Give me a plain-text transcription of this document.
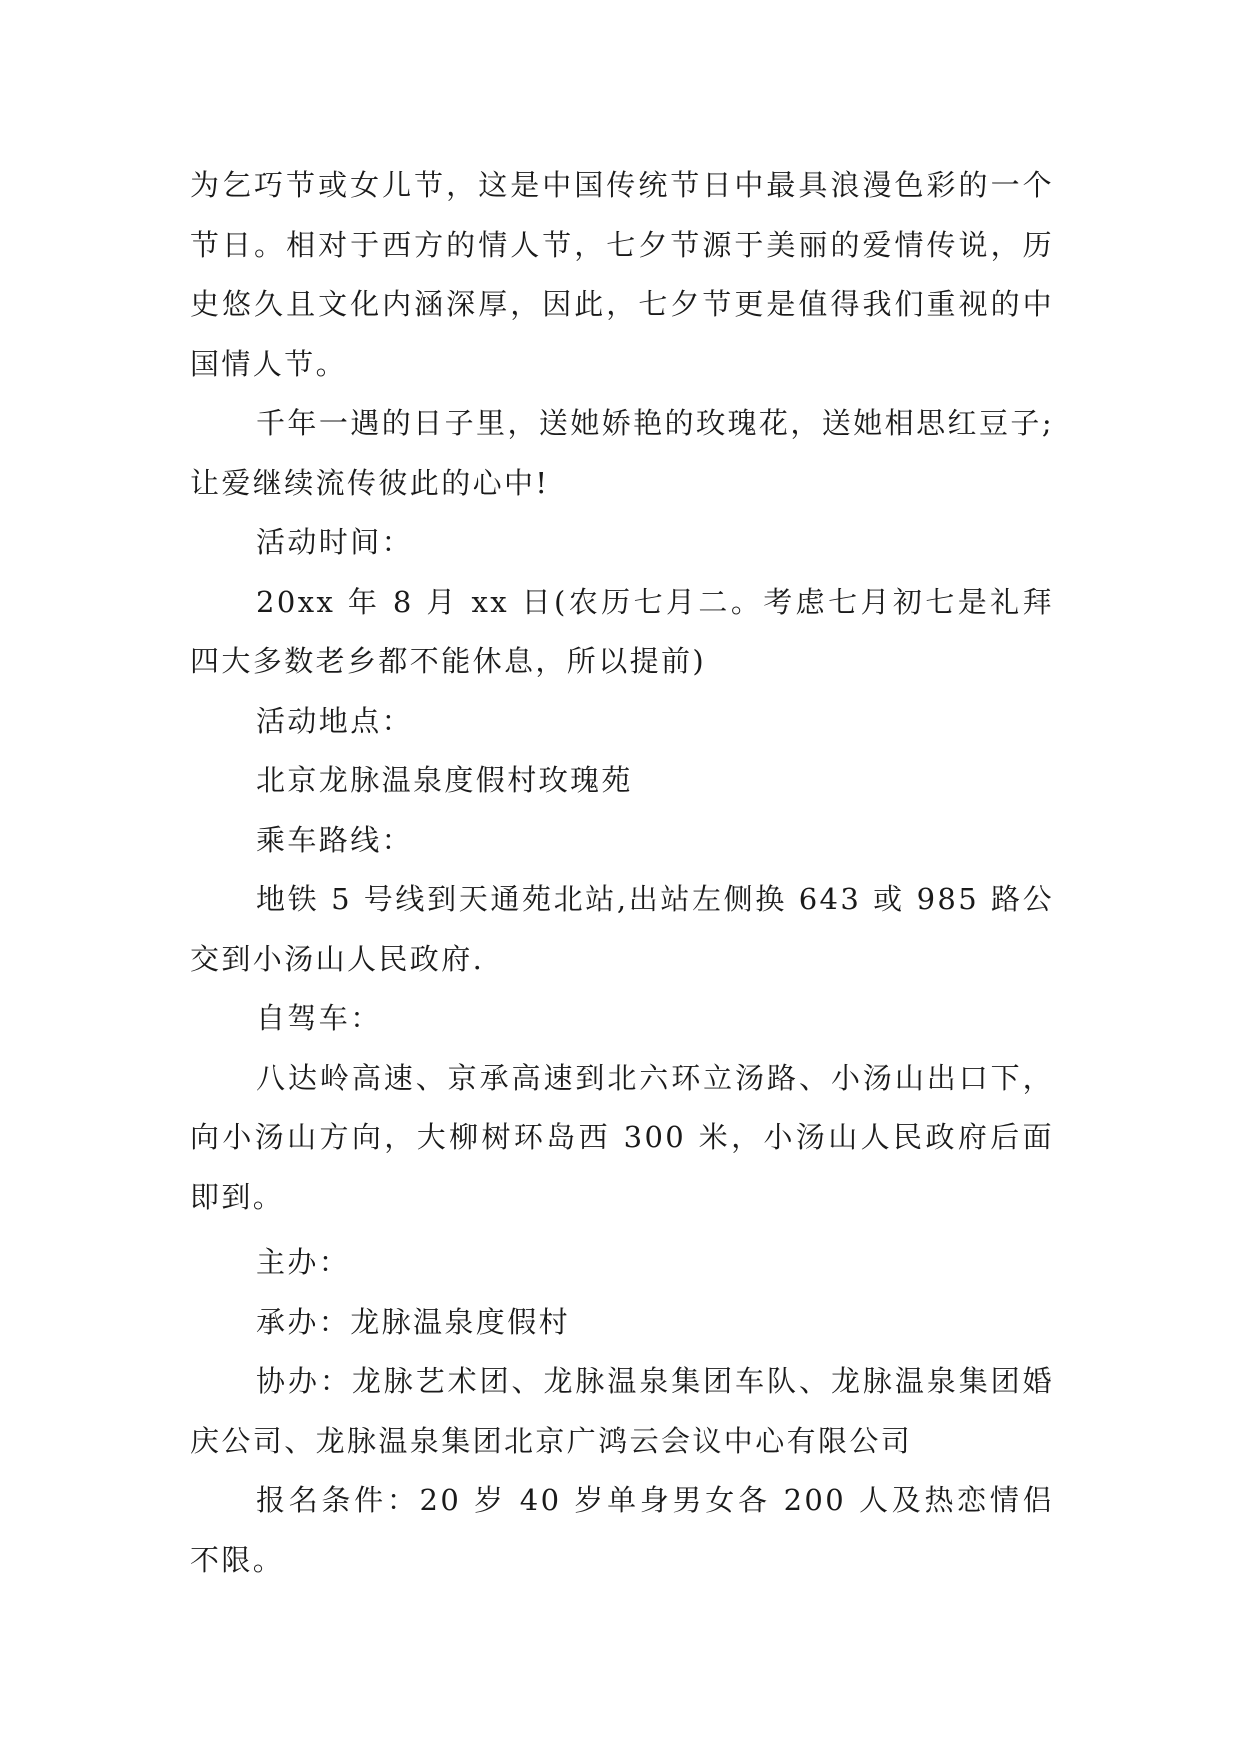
为乞巧节或女儿节，这是中国传统节日中最具浪漫色彩的一个节日。相对于西方的情人节，七夕节源于美丽的爱情传说，历史悠久且文化内涵深厚，因此，七夕节更是值得我们重视的中国情人节。

千年一遇的日子里，送她娇艳的玫瑰花，送她相思红豆子;让爱继续流传彼此的心中!

活动时间：

20xx 年 8 月 xx 日(农历七月二。考虑七月初七是礼拜四大多数老乡都不能休息，所以提前)

活动地点：

北京龙脉温泉度假村玫瑰苑

乘车路线：

地铁 5 号线到天通苑北站,出站左侧换 643 或 985 路公交到小汤山人民政府.

自驾车：

八达岭高速、京承高速到北六环立汤路、小汤山出口下，向小汤山方向，大柳树环岛西 300 米，小汤山人民政府后面即到。

主办：

承办：龙脉温泉度假村

协办：龙脉艺术团、龙脉温泉集团车队、龙脉温泉集团婚庆公司、龙脉温泉集团北京广鸿云会议中心有限公司

报名条件：20 岁 40 岁单身男女各 200 人及热恋情侣不限。
